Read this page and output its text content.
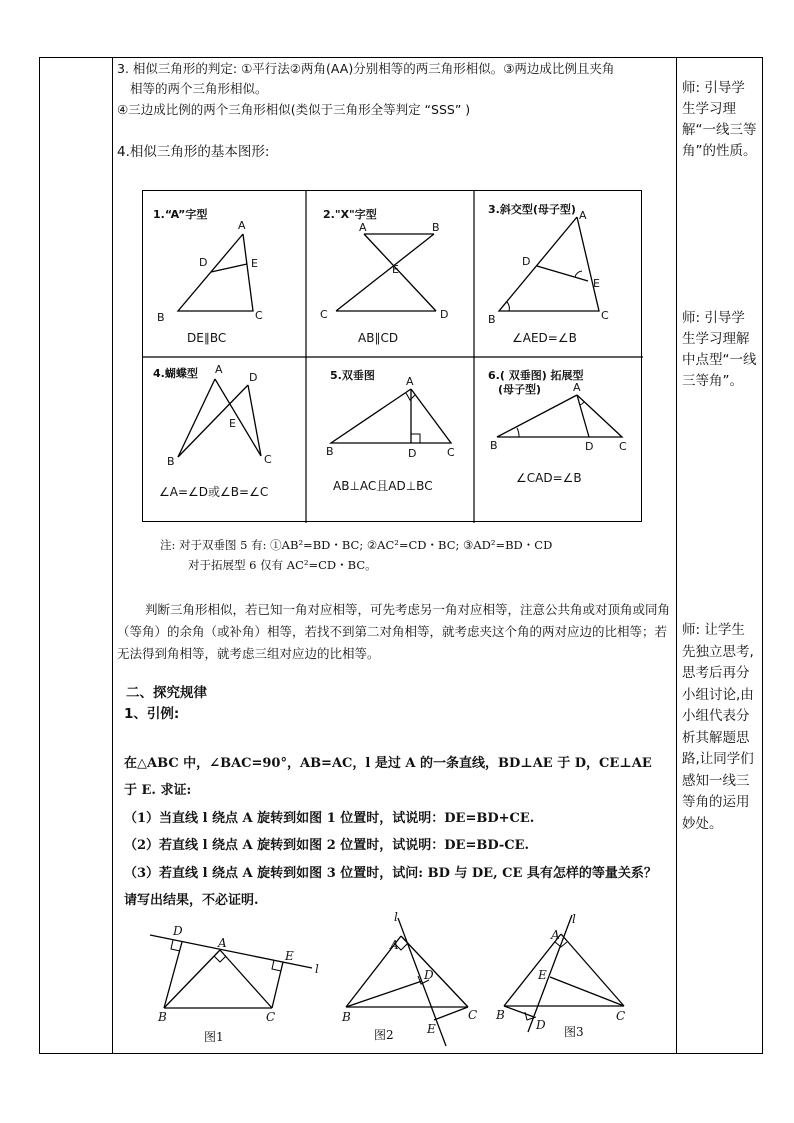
3. 相似三角形的判定: ①平行法②两角(AA)分别相等的两三角形相似。③两边成比例且夹角
相等的两个三角形相似。
④三边成比例的两个三角形相似(类似于三角形全等判定 “SSS” )
4.相似三角形的基本图形:
师: 引导学生学习理解“一线三等角”的性质。
师: 引导学生学习理解中点型“一线三等角”。
师: 让学生先独立思考,思考后再分小组讨论,由小组代表分析其解题思路,让同学们感知一线三等角的运用妙处。
1.“A”字型
A
D	E
B	C
DE∥BC
2."X"字型
A	B
E
C	D
AB∥CD
3.斜交型(母子型) A
D
E
B	C
∠AED=∠B
4.蝴蝶型 A
D
E
B	C
∠A=∠D或∠B=∠C
5.双垂图	A
B	D	C
AB⊥AC且AD⊥BC
6.( 双垂图) 拓展型
(母子型)	A
B	D C
∠CAD=∠B
注: 对于双垂图 5 有: ①AB²=BD・BC; ②AC²=CD・BC; ③AD²=BD・CD
对于拓展型 6 仅有 AC²=CD・BC。
判断三角形相似，若已知一角对应相等，可先考虑另一角对应相等，注意公共角或对顶角或同角（等角）的余角（或补角）相等，若找不到第二对角相等，就考虑夹这个角的两对应边的比相等；若无法得到角相等，就考虑三组对应边的比相等。
二、探究规律
1、引例:
在△ABC 中，∠BAC=90°，AB=AC，l 是过 A 的一条直线，BD⊥AE 于 D，CE⊥AE
于 E. 求证:
（1）当直线 l 绕点 A 旋转到如图 1 位置时，试说明：DE=BD+CE.
（2）若直线 l 绕点 A 旋转到如图 2 位置时，试说明：DE=BD-CE.
（3）若直线 l 绕点 A 旋转到如图 3 位置时，试问: BD 与 DE, CE 具有怎样的等量关系？
请写出结果，不必证明.
D
A
E
l
B	C
图1
l
A
D
B	C
E
图2
l
A
E
B
D
C
图3
